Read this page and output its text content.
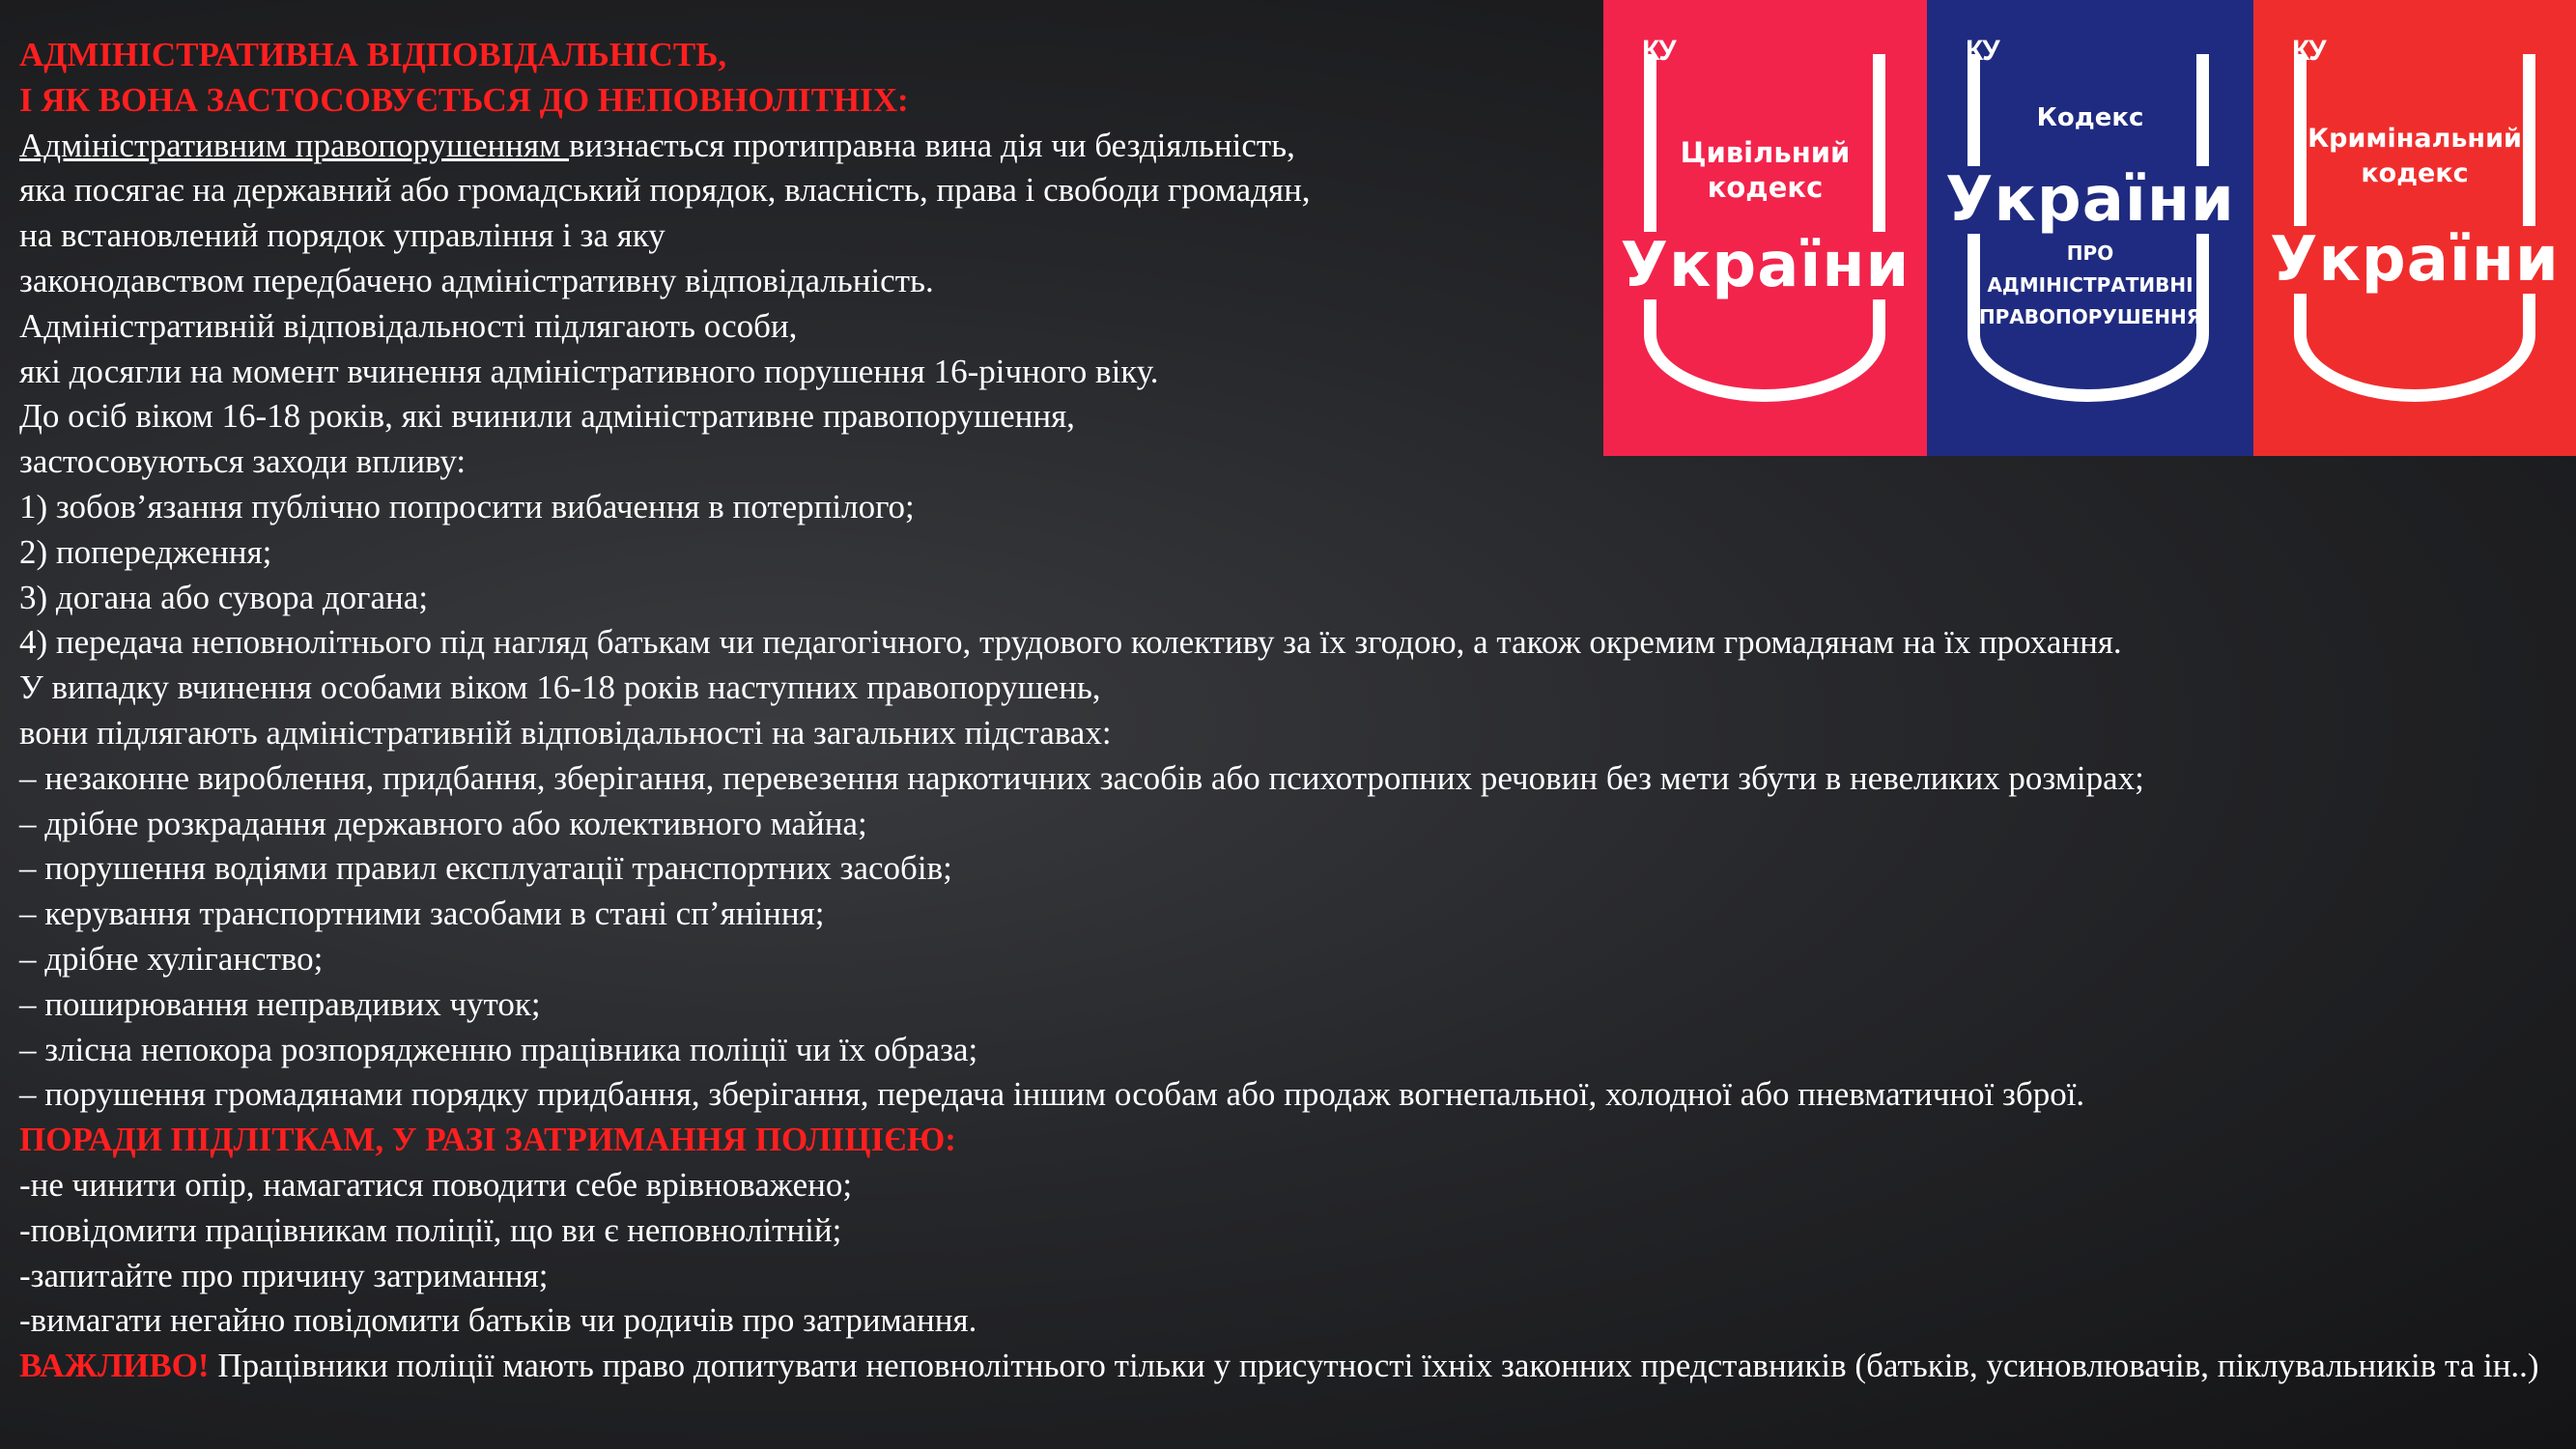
АДМІНІСТРАТИВНА ВІДПОВІДАЛЬНІСТЬ,
І ЯК ВОНА ЗАСТОСОВУЄТЬСЯ ДО НЕПОВНОЛІТНІХ:
Адміністративним правопорушенням визнається протиправна вина дія чи бездіяльність,
яка посягає на державний або громадський порядок, власність, права і свободи громадян,
на встановлений порядок управління і за яку
законодавством передбачено адміністративну відповідальність.
Адміністративній відповідальності підлягають особи,
які досягли на момент вчинення адміністративного порушення 16-річного віку.
До осіб віком 16-18 років, які вчинили адміністративне правопорушення,
застосовуються заходи впливу:
1) зобов’язання публічно попросити вибачення в потерпілого;
2) попередження;
3) догана або сувора догана;
4) передача неповнолітнього під нагляд батькам чи педагогічного, трудового колективу за їх згодою, а також окремим громадянам на їх прохання.
У випадку вчинення особами віком 16-18 років наступних правопорушень,
вони підлягають адміністративній відповідальності на загальних підставах:
– незаконне вироблення, придбання, зберігання, перевезення наркотичних засобів або психотропних речовин без мети збути в невеликих розмірах;
– дрібне розкрадання державного або колективного майна;
– порушення водіями правил експлуатації транспортних засобів;
– керування транспортними засобами в стані сп’яніння;
– дрібне хуліганство;
– поширювання неправдивих чуток;
– злісна непокора розпорядженню працівника поліції чи їх образа;
– порушення громадянами порядку придбання, зберігання, передача іншим особам або продаж вогнепальної, холодної або пневматичної зброї.
ПОРАДИ ПІДЛІТКАМ, У РАЗІ ЗАТРИМАННЯ ПОЛІЦІЄЮ:
-не чинити опір, намагатися поводити себе врівноважено;
-повідомити працівникам поліції, що ви є неповнолітній;
-запитайте про причину затримання;
-вимагати негайно повідомити батьків чи родичів про затримання.
ВАЖЛИВО! Працівники поліції мають право допитувати неповнолітнього тільки у присутності їхніх законних представників (батьків, усиновлювачів, піклувальників та ін..)
КУ
Цивільний
кодекс
України
КУ
Кодекс
України
ПРО
АДМІНІСТРАТИВНІ
ПРАВОПОРУШЕННЯ
КУ
Кримінальний
кодекс
України
